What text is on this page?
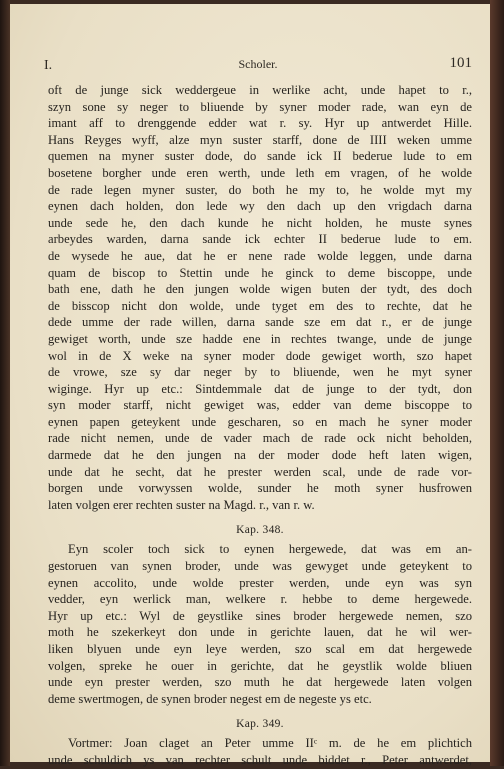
I.	Scholer.	101
oft de junge sick weddergeue in werlike acht, unde hapet to r.,
szyn sone sy neger to bliuende by syner moder rade, wan eyn de
imant aff to drenggende edder wat r. sy. Hyr up antwerdet Hille.
Hans Reyges wyff, alze myn suster starff, done de IIII weken umme
quemen na myner suster dode, do sande ick II bederue lude to em
bosetene borgher unde eren werth, unde leth em vragen, of he wolde
de rade legen myner suster, do both he my to, he wolde myt my
eynen dach holden, don lede wy den dach up den vrigdach darna
unde sede he, den dach kunde he nicht holden, he muste synes
arbeydes warden, darna sande ick echter II bederue lude to em.
de wysede he aue, dat he er nene rade wolde leggen, unde darna
quam de biscop to Stettin unde he ginck to deme biscoppe, unde
bath ene, dath he den jungen wolde wigen buten der tydt, des doch
de bisscop nicht don wolde, unde tyget em des to rechte, dat he
dede umme der rade willen, darna sande sze em dat r., er de junge
gewiget worth, unde sze hadde ene in rechtes twange, unde de junge
wol in de X weke na syner moder dode gewiget worth, szo hapet
de vrowe, sze sy dar neger by to bliuende, wen he myt syner
wiginge. Hyr up etc.: Sintdemmale dat de junge to der tydt, don
syn moder starff, nicht gewiget was, edder van deme biscoppe to
eynen papen geteykent unde gescharen, so en mach he syner moder
rade nicht nemen, unde de vader mach de rade ock nicht beholden,
darmede dat he den jungen na der moder dode heft laten wigen,
unde dat he secht, dat he prester werden scal, unde de rade vor-
borgen unde vorwyssen wolde, sunder he moth syner husfrowen
laten volgen erer rechten suster na Magd. r., van r. w.
Kap. 348.
Eyn scoler toch sick to eynen hergewede, dat was em an-
gestoruen van synen broder, unde was gewyget unde geteykent to
eynen accolito, unde wolde prester werden, unde eyn was syn
vedder, eyn werlick man, welkere r. hebbe to deme hergewede.
Hyr up etc.: Wyl de geystlike sines broder hergewede nemen, szo
moth he szekerkeyt don unde in gerichte lauen, dat he wil wer-
liken blyuen unde eyn leye werden, szo scal em dat hergewede
volgen, spreke he ouer in gerichte, dat he geystlik wolde bliuen
unde eyn prester werden, szo muth he dat hergewede laten volgen
deme swertmogen, de synen broder negest em de negeste ys etc.
Kap. 349.
Vortmer: Joan claget an Peter umme IIᶜ m. de he em plichtich
unde schuldich ys van rechter schult unde biddet r., Peter antwerdet,
